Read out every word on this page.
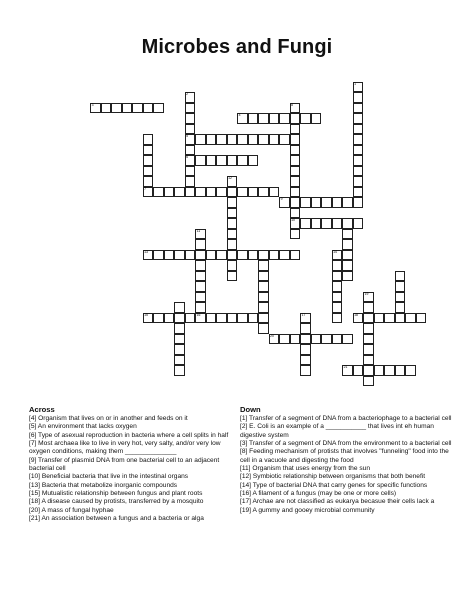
Microbes and Fungi
3
4
5
6
7
9
10
13
15	16	18
20
21
1
2
8
11
12
14
17
19
Across

[4] Organism that lives on or in another and feeds on it

[5] An environment that lacks oxygen

[6] Type of asexual reproduction in bacteria where a cell splits in half

[7] Most archaea like to live in very hot, very salty, and/or very low oxygen conditions, making them ______________

[9] Transfer of plasmid DNA from one bacterial cell to an adjacent bacterial cell

[10] Beneficial bacteria that live in the intestinal organs

[13] Bacteria that metabolize inorganic compounds

[15] Mutualistic relationship between fungus and plant roots

[18] A disease caused by protists, transferred by a mosquito

[20] A mass of fungal hyphae

[21] An association between a fungus and a bacteria or alga

Down

[1] Transfer of a segment of DNA from a bacteriophage to a bacterial cell

[2] E. Coli is an example of a ___________ that lives int eh human digestive system

[3] Transfer of a segment of DNA from the environment to a bacterial cell

[8] Feeding mechanism of protists that involves "funneling" food into the cell in a vacuole and digesting the food

[11] Organism that uses energy from the sun

[12] Symbiotic relationship between organisms that both benefit

[14] Type of bacterial DNA that carry genes for specific functions

[16] A filament of a fungus (may be one or more cells)

[17] Archae are not classified as eukarya becasue their cells lack a

[19] A gummy and gooey microbial community
